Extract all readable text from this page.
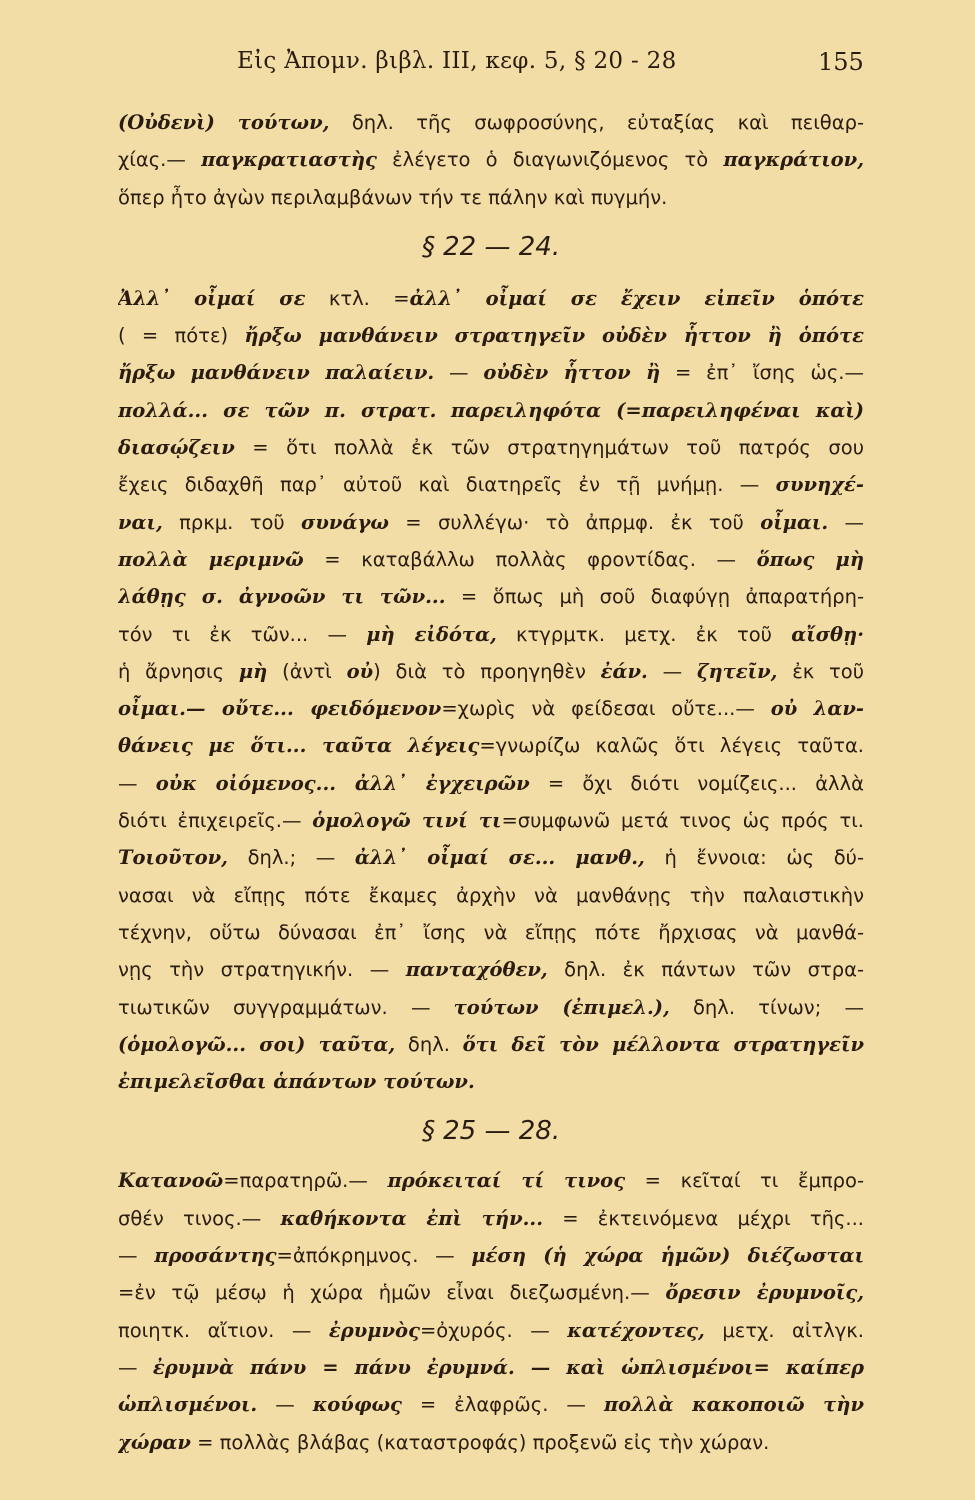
Εἰς Ἀπομν. βιβλ. III, κεφ. 5, § 20 - 28	155
(Οὐδενὶ) τούτων, δηλ. τῆς σωφροσύνης, εὐταξίας καὶ πειθαρ-
χίας.— παγκρατιαστὴς ἐλέγετο ὁ διαγωνιζόμενος τὸ παγκράτιον,
ὅπερ ἦτο ἀγὼν περιλαμβάνων τήν τε πάλην καὶ πυγμήν.
§ 22 — 24.
Ἀλλ᾿ οἶμαί σε κτλ. =ἀλλ᾿ οἶμαί σε ἔχειν εἰπεῖν ὁπότε
( = πότε) ἤρξω μανθάνειν στρατηγεῖν οὐδὲν ἧττον ἢ ὁπότε
ἤρξω μανθάνειν παλαίειν. — οὐδὲν ἧττον ἢ = ἐπ᾿ ἴσης ὡς.—
πολλά... σε τῶν π. στρατ. παρειληφότα (=παρειληφέναι καὶ)
διασῴζειν = ὅτι πολλὰ ἐκ τῶν στρατηγημάτων τοῦ πατρός σου
ἔχεις διδαχθῆ παρ᾿ αὐτοῦ καὶ διατηρεῖς ἐν τῇ μνήμῃ. — συνηχέ-
ναι, πρκμ. τοῦ συνάγω = συλλέγω· τὸ ἀπρμφ. ἐκ τοῦ οἶμαι. —
πολλὰ μεριμνῶ = καταβάλλω πολλὰς φροντίδας. — ὅπως μὴ
λάθῃς σ. ἀγνοῶν τι τῶν... = ὅπως μὴ σοῦ διαφύγῃ ἀπαρατήρη-
τόν τι ἐκ τῶν... — μὴ εἰδότα, κτγρμτκ. μετχ. ἐκ τοῦ αἴσθῃ·
ἡ ἄρνησις μὴ (ἀντὶ οὐ) διὰ τὸ προηγηθὲν ἐάν. — ζητεῖν, ἐκ τοῦ
οἶμαι.— οὔτε... φειδόμενον=χωρὶς νὰ φείδεσαι οὔτε...— οὐ λαν-
θάνεις με ὅτι... ταῦτα λέγεις=γνωρίζω καλῶς ὅτι λέγεις ταῦτα.
— οὐκ οἰόμενος... ἀλλ᾿ ἐγχειρῶν = ὄχι διότι νομίζεις... ἀλλὰ
διότι ἐπιχειρεῖς.— ὁμολογῶ τινί τι=συμφωνῶ μετά τινος ὡς πρός τι.
Τοιοῦτον, δηλ.; — ἀλλ᾿ οἶμαί σε... μανθ., ἡ ἔννοια: ὡς δύ-
νασαι νὰ εἴπῃς πότε ἔκαμες ἀρχὴν νὰ μανθάνῃς τὴν παλαιστικὴν
τέχνην, οὕτω δύνασαι ἐπ᾿ ἴσης νὰ εἴπῃς πότε ἤρχισας νὰ μανθά-
νῃς τὴν στρατηγικήν. — πανταχόθεν, δηλ. ἐκ πάντων τῶν στρα-
τιωτικῶν συγγραμμάτων. — τούτων (ἐπιμελ.), δηλ. τίνων; —
(ὁμολογῶ... σοι) ταῦτα, δηλ. ὅτι δεῖ τὸν μέλλοντα στρατηγεῖν
ἐπιμελεῖσθαι ἁπάντων τούτων.
§ 25 — 28.
Κατανοῶ=παρατηρῶ.— πρόκειταί τί τινος = κεῖταί τι ἔμπρο-
σθέν τινος.— καθήκοντα ἐπὶ τήν... = ἐκτεινόμενα μέχρι τῆς...
— προσάντης=ἀπόκρημνος. — μέση (ἡ χώρα ἡμῶν) διέζωσται
=ἐν τῷ μέσῳ ἡ χώρα ἡμῶν εἶναι διεζωσμένη.— ὄρεσιν ἐρυμνοῖς,
ποιητκ. αἴτιον. — ἐρυμνὸς=ὀχυρός. — κατέχοντες, μετχ. αἰτλγκ.
— ἐρυμνὰ πάνυ = πάνυ ἐρυμνά. — καὶ ὡπλισμένοι= καίπερ
ὡπλισμένοι. — κούφως = ἐλαφρῶς. — πολλὰ κακοποιῶ τὴν
χώραν = πολλὰς βλάβας (καταστροφάς) προξενῶ εἰς τὴν χώραν.
